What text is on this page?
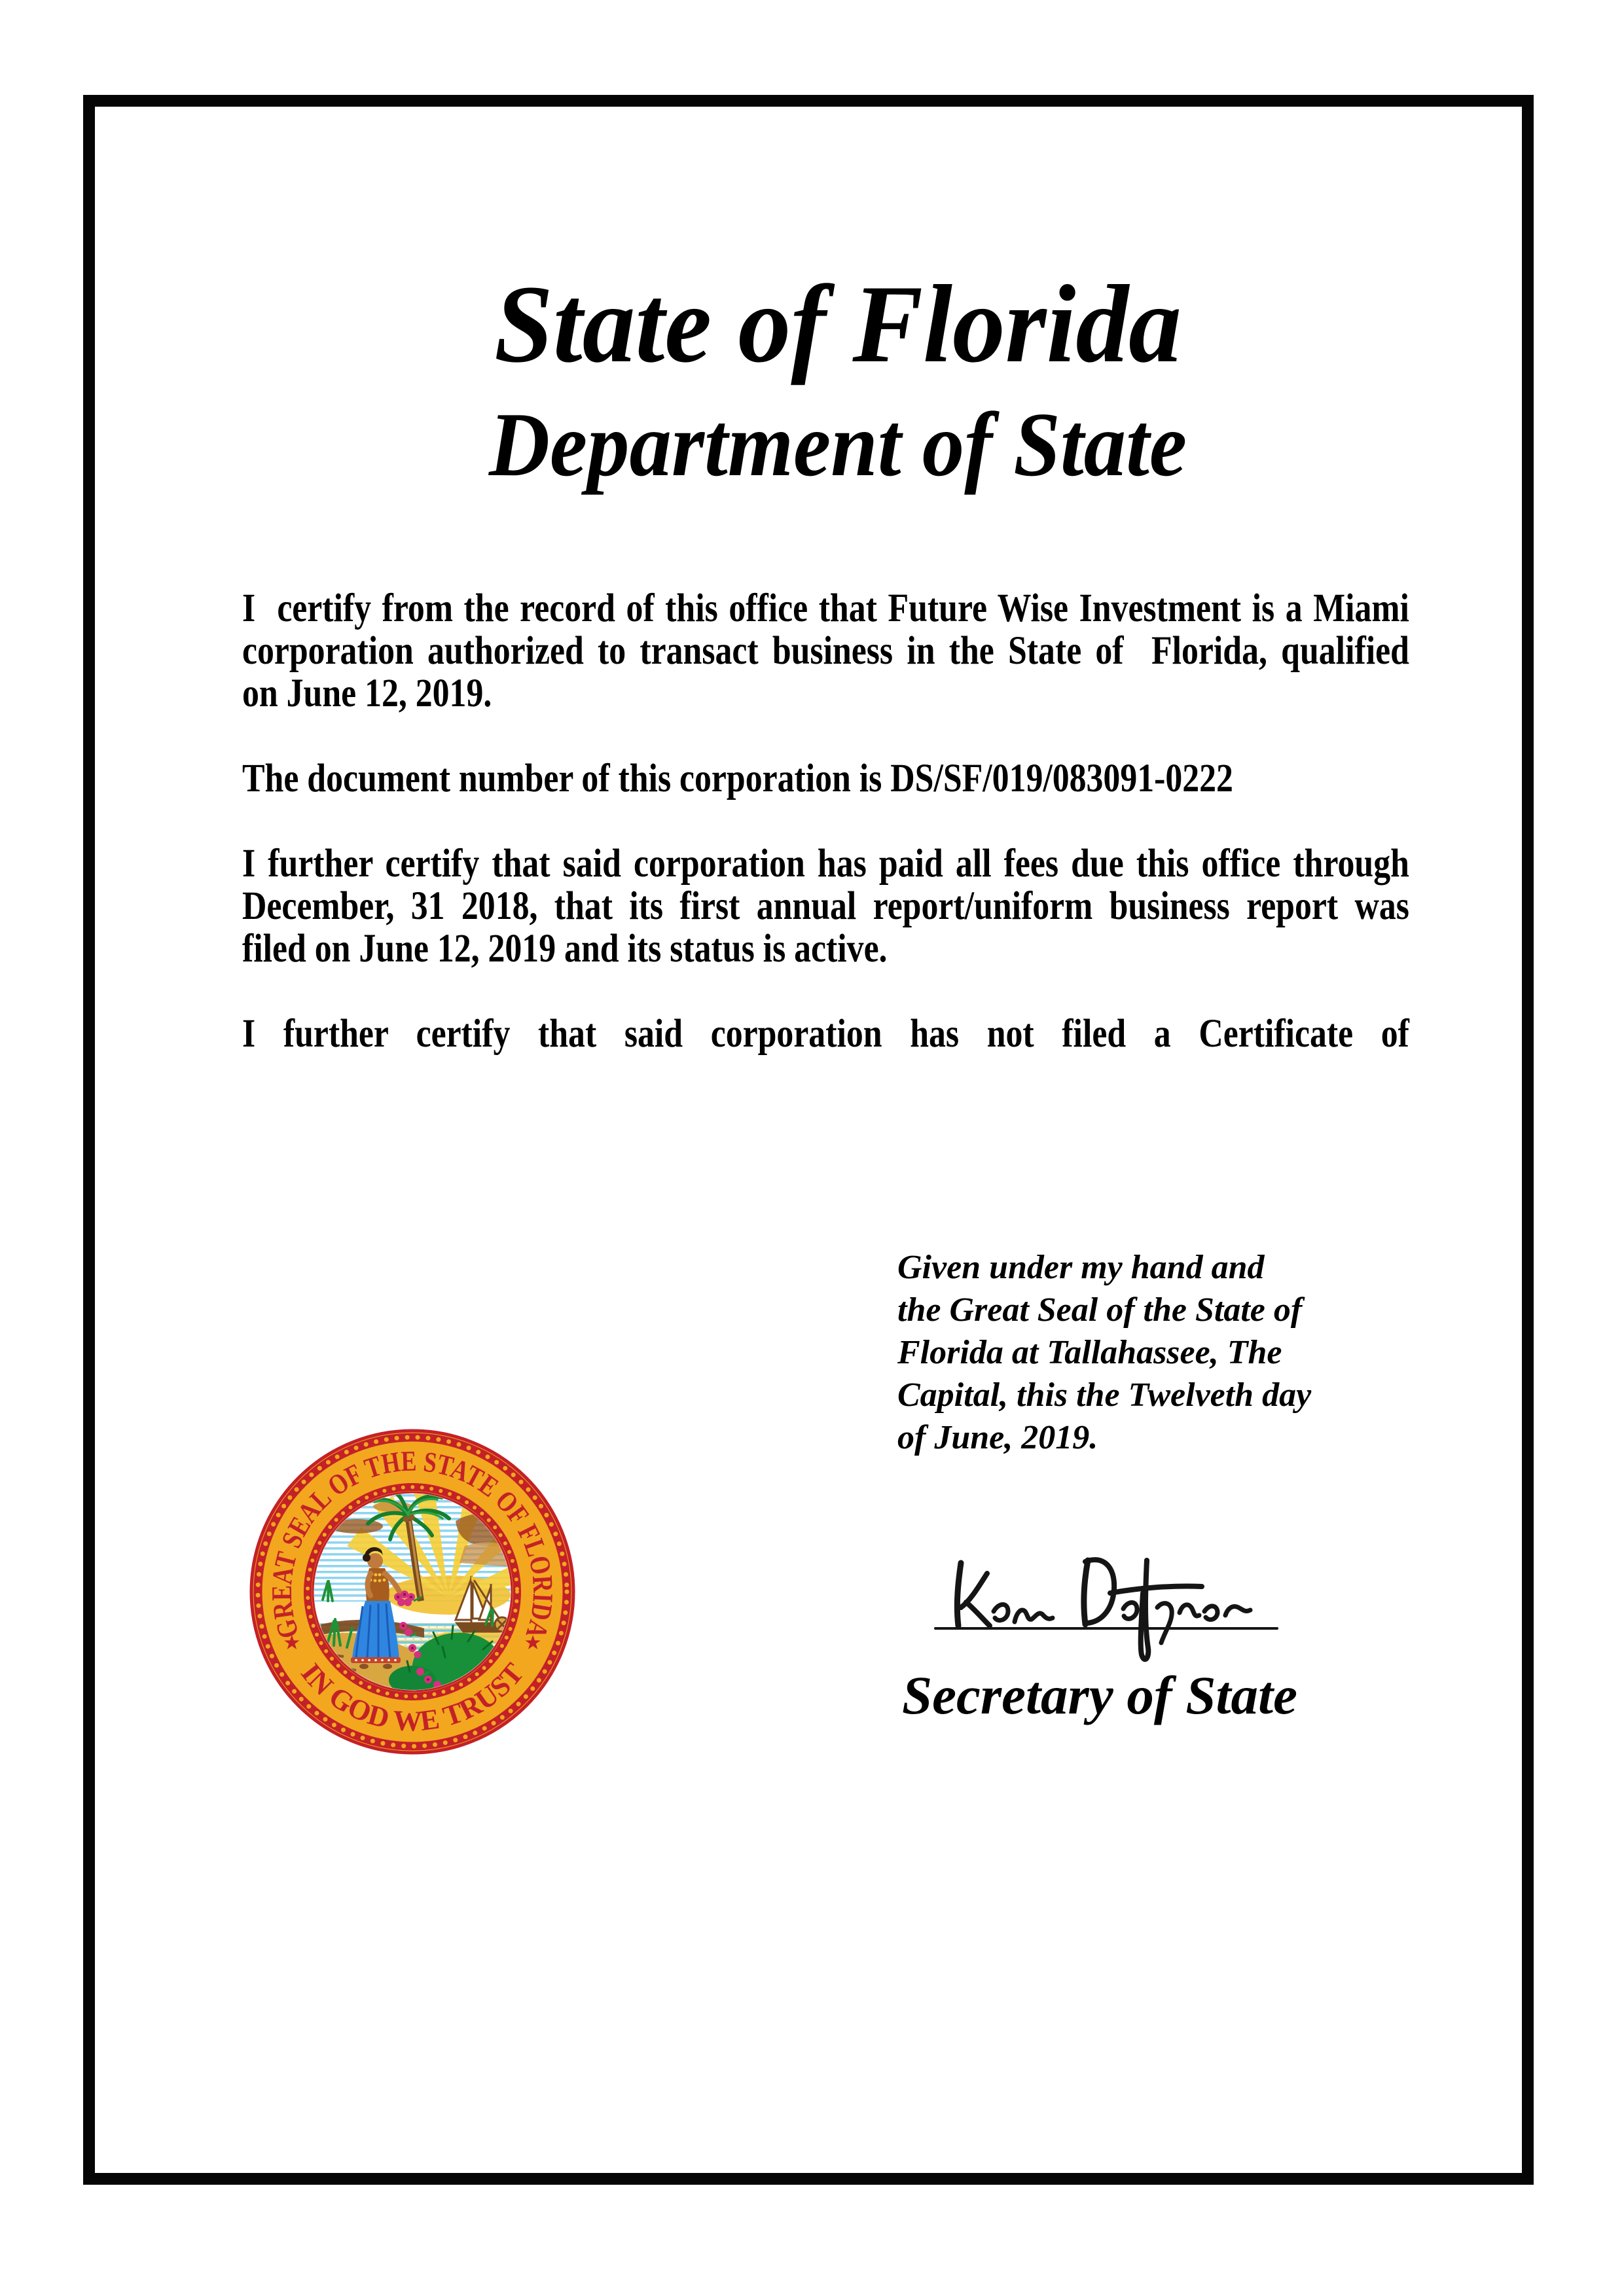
State of Florida
Department of State
I  certify from the record of this office that Future Wise Investment is a Miami
corporation authorized to transact business in the State of  Florida, qualified
on June 12, 2019.
The document number of this corporation is DS/SF/019/083091-0222
I further certify that said corporation has paid all fees due this office through
December, 31 2018, that its first annual report/uniform business report was
filed on June 12, 2019 and its status is active.
I further certify that said corporation has not filed a Certificate of
Given under my hand and
the Great Seal of the State of
Florida at Tallahassee, The
Capital, this the Twelveth day
of June, 2019.
GREAT SEAL OF THE STATE OF FLORIDA
IN GOD WE TRUST	Secretary of State
